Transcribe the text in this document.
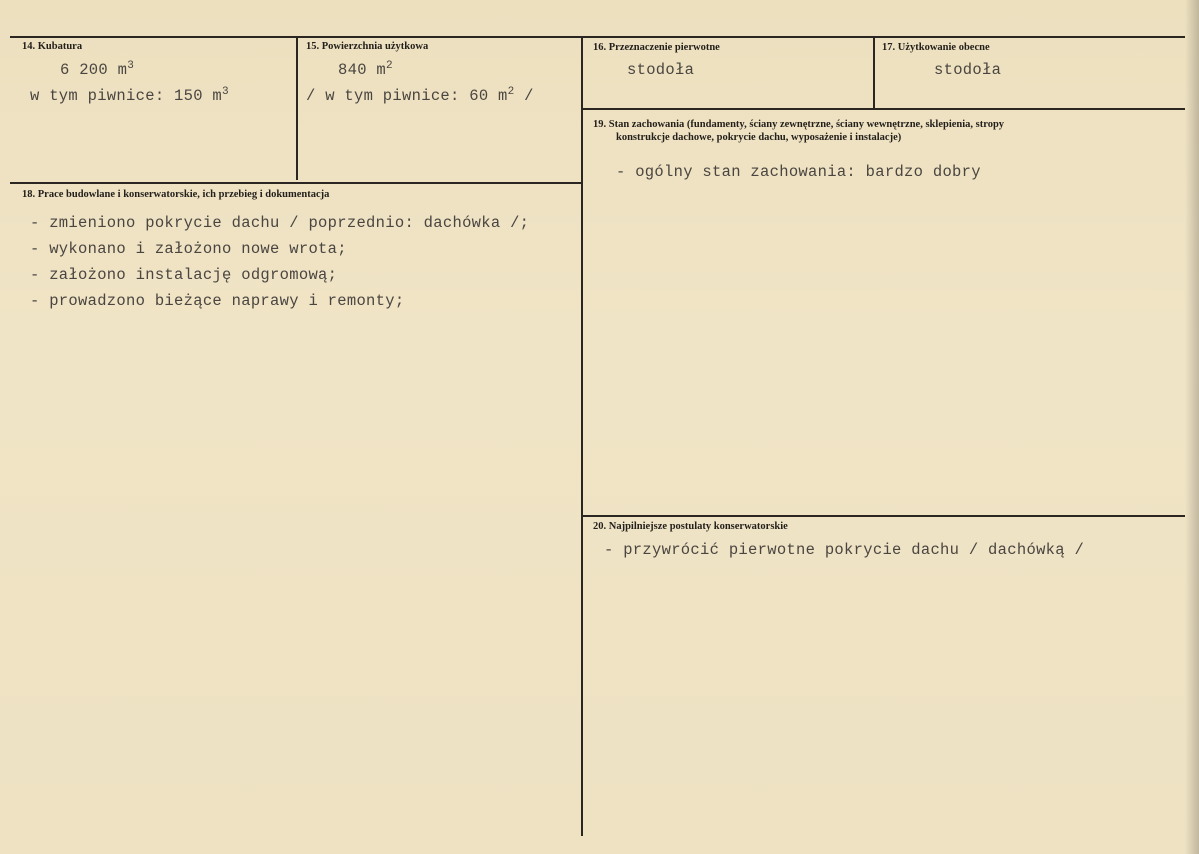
14. Kubatura
6 200 $m^3$
w tym piwnice: 150 $m^3$
15. Powierzchnia użytkowa
840 $m^2$
/ w tym piwnice: 60 $m^2$ /
16. Przeznaczenie pierwotne
stodoła
17. Użytkowanie obecne
stodoła
19. Stan zachowania (fundamenty, ściany zewnętrzne, ściany wewnętrzne, sklepienia, stropy
konstrukcje dachowe, pokrycie dachu, wyposażenie i instalacje)
- ogólny stan zachowania: bardzo dobry
18. Prace budowlane i konserwatorskie, ich przebieg i dokumentacja
- zmieniono pokrycie dachu / poprzednio: dachówka /;
- wykonano i założono nowe wrota;
- założono instalację odgromową;
- prowadzono bieżące naprawy i remonty;
20. Najpilniejsze postulaty konserwatorskie
- przywrócić pierwotne pokrycie dachu / dachówką /
